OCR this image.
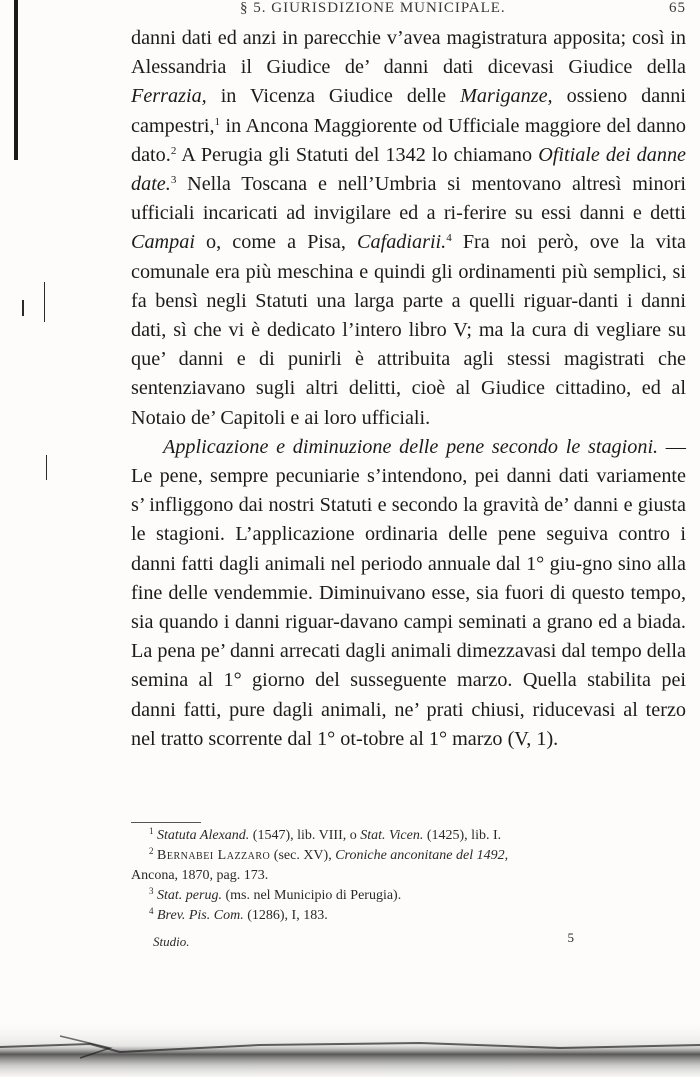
§ 5. GIURISDIZIONE MUNICIPALE.	65

danni dati ed anzi in parecchie v’avea magistratura apposita; così in Alessandria il Giudice de’ danni dati dicevasi Giudice della Ferrazia, in Vicenza Giudice delle Mariganze, ossieno danni campestri,$^1$ in Ancona Maggiorente od Ufficiale maggiore del danno dato.$^2$ A Perugia gli Statuti del 1342 lo chiamano Ofitiale dei danne date.$^3$ Nella Toscana e nell’Umbria si mentovano altresì minori ufficiali incaricati ad invigilare ed a ri-ferire su essi danni e detti Campai o, come a Pisa, Cafadiarii.$^4$ Fra noi però, ove la vita comunale era più meschina e quindi gli ordinamenti più semplici, si fa bensì negli Statuti una larga parte a quelli riguar-danti i danni dati, sì che vi è dedicato l’intero libro V; ma la cura di vegliare su que’ danni e di punirli è attribuita agli stessi magistrati che sentenziavano sugli altri delitti, cioè al Giudice cittadino, ed al Notaio de’ Capitoli e ai loro ufficiali.

Applicazione e diminuzione delle pene secondo le stagioni. — Le pene, sempre pecuniarie s’intendono, pei danni dati variamente s’ infliggono dai nostri Statuti e secondo la gravità de’ danni e giusta le stagioni. L’applicazione ordinaria delle pene seguiva contro i danni fatti dagli animali nel periodo annuale dal 1° giu-gno sino alla fine delle vendemmie. Diminuivano esse, sia fuori di questo tempo, sia quando i danni riguar-davano campi seminati a grano ed a biada. La pena pe’ danni arrecati dagli animali dimezzavasi dal tempo della semina al 1° giorno del susseguente marzo. Quella stabilita pei danni fatti, pure dagli animali, ne’ prati chiusi, riducevasi al terzo nel tratto scorrente dal 1° ot-tobre al 1° marzo (V, 1).

$^1$ Statuta Alexand. (1547), lib. VIII, o Stat. Vicen. (1425), lib. I.
$^2$ Bernabei Lazzaro (sec. XV), Croniche anconitane del 1492,
Ancona, 1870, pag. 173.
$^3$ Stat. perug. (ms. nel Municipio di Perugia).
$^4$ Brev. Pis. Com. (1286), I, 183.
Studio.	5
